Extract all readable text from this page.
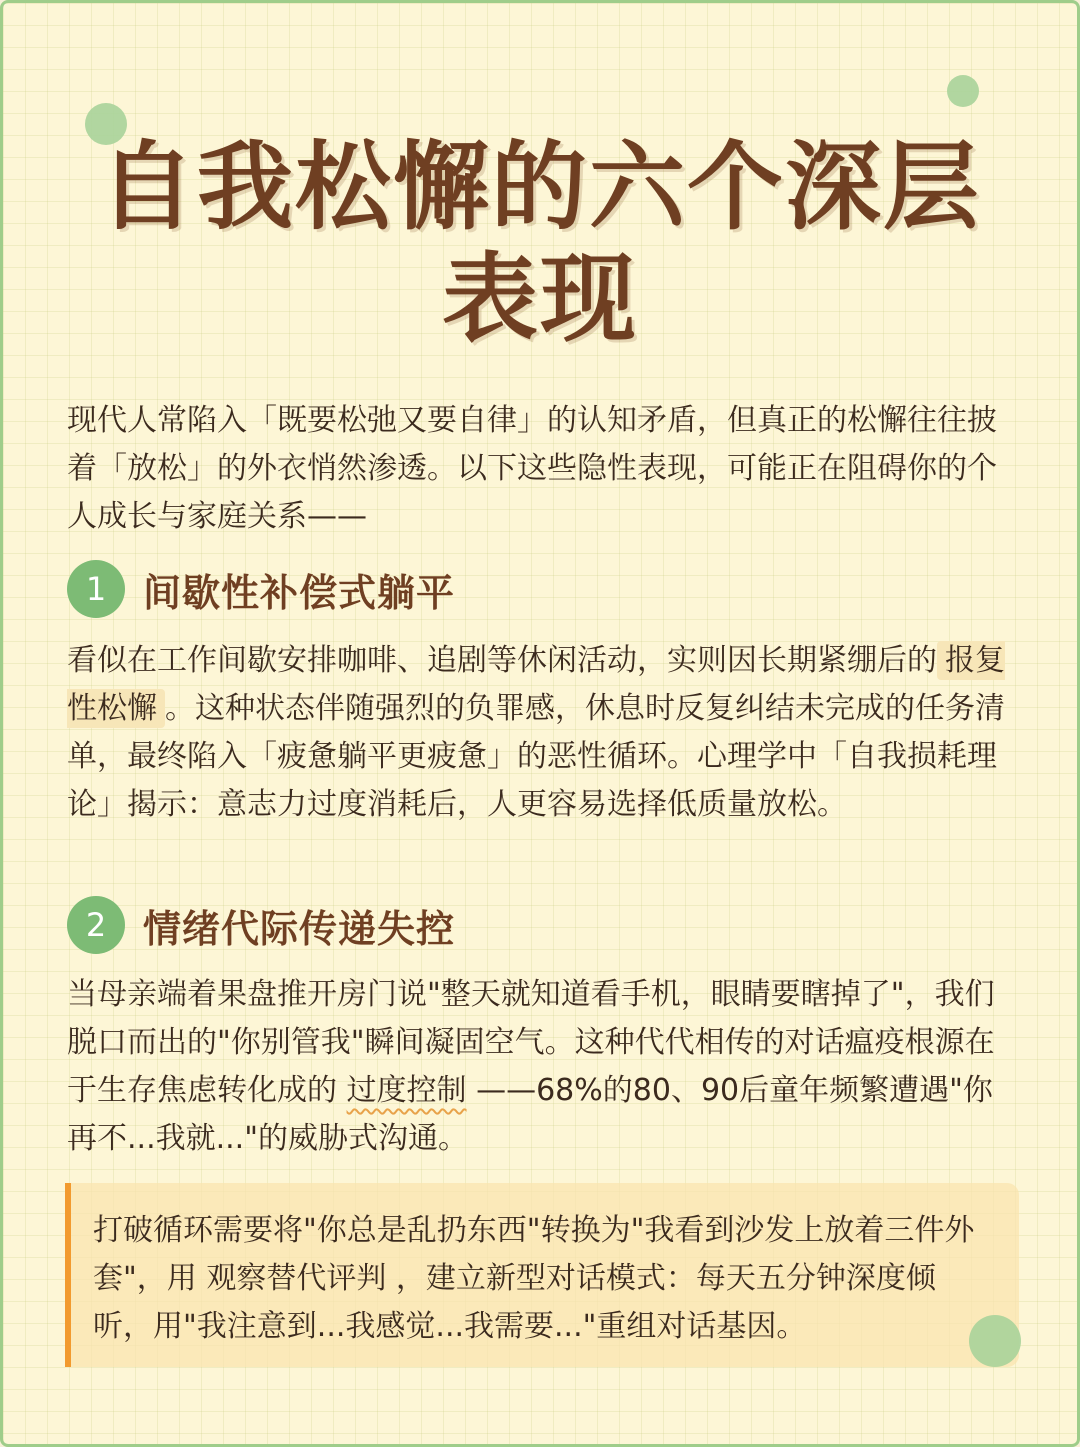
自我松懈的六个深层
表现

现代人常陷入「既要松弛又要自律」的认知矛盾，但真正的松懈往往披着「放松」的外衣悄然渗透。以下这些隐性表现，可能正在阻碍你的个人成长与家庭关系——

1 间歇性补偿式躺平

看似在工作间歇安排咖啡、追剧等休闲活动，实则因长期紧绷后的 报复性松懈 。这种状态伴随强烈的负罪感，休息时反复纠结未完成的任务清单，最终陷入「疲惫躺平更疲惫」的恶性循环。心理学中「自我损耗理论」揭示：意志力过度消耗后，人更容易选择低质量放松。

2 情绪代际传递失控

当母亲端着果盘推开房门说"整天就知道看手机，眼睛要瞎掉了"，我们脱口而出的"你别管我"瞬间凝固空气。这种代代相传的对话瘟疫根源在于生存焦虑转化成的 过度控制 ——68%的80、90后童年频繁遭遇"你再不...我就..."的威胁式沟通。

打破循环需要将"你总是乱扔东西"转换为"我看到沙发上放着三件外套"，用 观察替代评判 ，建立新型对话模式：每天五分钟深度倾听，用"我注意到...我感觉...我需要..."重组对话基因。
